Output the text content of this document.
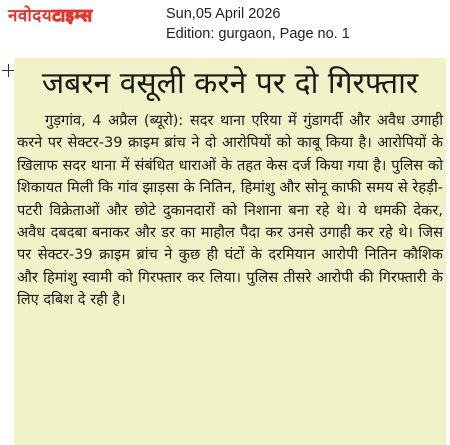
नवोदयटाइम्स	Sun,05 April 2026
Edition: gurgaon, Page no. 1
जबरन वसूली करने पर दो गिरफ्तार

गुड़गांव, 4 अप्रैल (ब्यूरो): सदर थाना एरिया में गुंडागर्दी और अवैध उगाही करने पर सेक्टर-39 क्राइम ब्रांच ने दो आरोपियों को काबू किया है। आरोपियों के खिलाफ सदर थाना में संबंधित धाराओं के तहत केस दर्ज किया गया है। पुलिस को शिकायत मिली कि गांव झाड़सा के नितिन, हिमांशु और सोनू काफी समय से रेहड़ी-पटरी विक्रेताओं और छोटे दुकानदारों को निशाना बना रहे थे। ये धमकी देकर, अवैध दबदबा बनाकर और डर का माहौल पैदा कर उनसे उगाही कर रहे थे। जिस पर सेक्टर-39 क्राइम ब्रांच ने कुछ ही घंटों के दरमियान आरोपी नितिन कौशिक और हिमांशु स्वामी को गिरफ्तार कर लिया। पुलिस तीसरे आरोपी की गिरफ्तारी के लिए दबिश दे रही है।
